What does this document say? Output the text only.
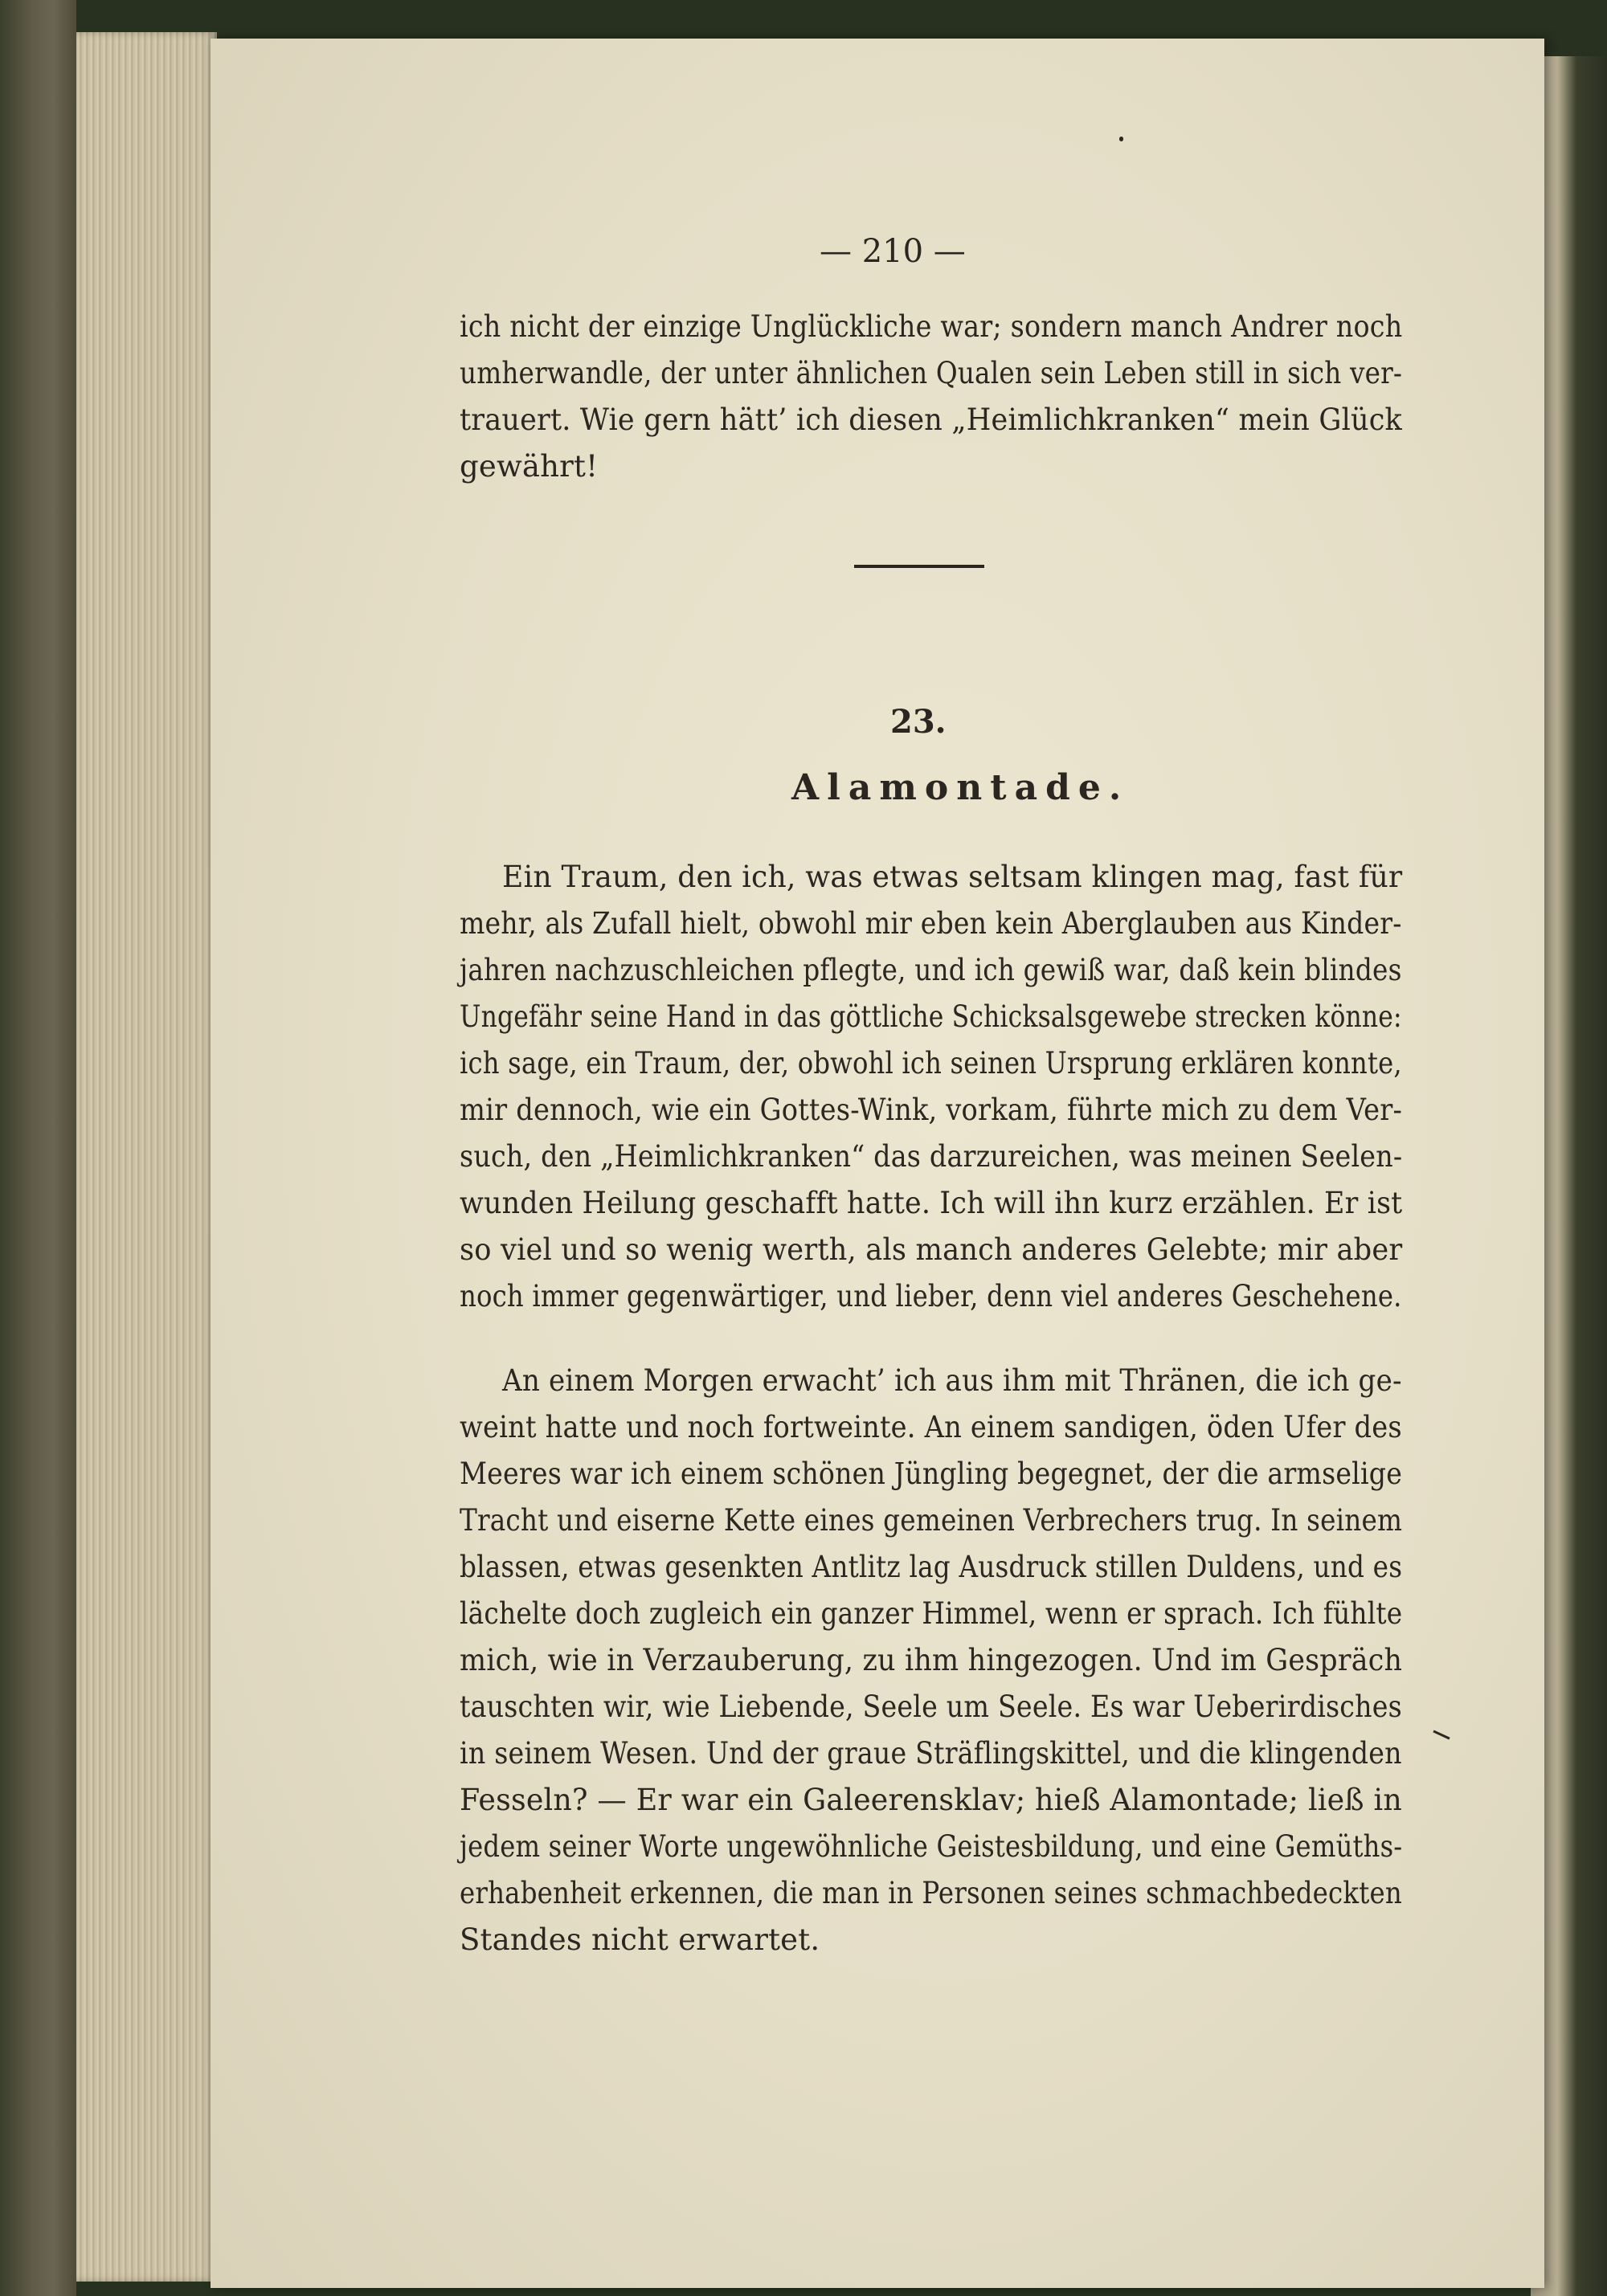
— 210 —
ich nicht der einzige Unglückliche war; sondern manch Andrer noch
umherwandle, der unter ähnlichen Qualen sein Leben still in sich ver-
trauert. Wie gern hätt’ ich diesen „Heimlichkranken“ mein Glück
gewährt!
23.
Alamontade.
Ein Traum, den ich, was etwas seltsam klingen mag, fast für
mehr, als Zufall hielt, obwohl mir eben kein Aberglauben aus Kinder-
jahren nachzuschleichen pflegte, und ich gewiß war, daß kein blindes
Ungefähr seine Hand in das göttliche Schicksalsgewebe strecken könne:
ich sage, ein Traum, der, obwohl ich seinen Ursprung erklären konnte,
mir dennoch, wie ein Gottes-Wink, vorkam, führte mich zu dem Ver-
such, den „Heimlichkranken“ das darzureichen, was meinen Seelen-
wunden Heilung geschafft hatte. Ich will ihn kurz erzählen. Er ist
so viel und so wenig werth, als manch anderes Gelebte; mir aber
noch immer gegenwärtiger, und lieber, denn viel anderes Geschehene.
An einem Morgen erwacht’ ich aus ihm mit Thränen, die ich ge-
weint hatte und noch fortweinte. An einem sandigen, öden Ufer des
Meeres war ich einem schönen Jüngling begegnet, der die armselige
Tracht und eiserne Kette eines gemeinen Verbrechers trug. In seinem
blassen, etwas gesenkten Antlitz lag Ausdruck stillen Duldens, und es
lächelte doch zugleich ein ganzer Himmel, wenn er sprach. Ich fühlte
mich, wie in Verzauberung, zu ihm hingezogen. Und im Gespräch
tauschten wir, wie Liebende, Seele um Seele. Es war Ueberirdisches
in seinem Wesen. Und der graue Sträflingskittel, und die klingenden
Fesseln? — Er war ein Galeerensklav; hieß Alamontade; ließ in
jedem seiner Worte ungewöhnliche Geistesbildung, und eine Gemüths-
erhabenheit erkennen, die man in Personen seines schmachbedeckten
Standes nicht erwartet.
